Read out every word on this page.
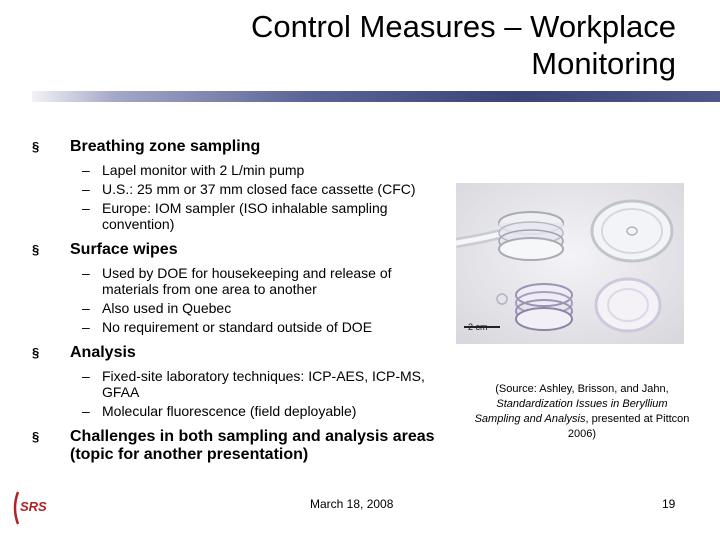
Control Measures – Workplace
Monitoring
§ Breathing zone sampling
– Lapel monitor with 2 L/min pump
– U.S.: 25 mm or 37 mm closed face cassette (CFC)
– Europe: IOM sampler (ISO inhalable sampling convention)
§ Surface wipes
– Used by DOE for housekeeping and release of materials from one area to another
– Also used in Quebec
– No requirement or standard outside of DOE
§ Analysis
– Fixed-site laboratory techniques: ICP-AES, ICP-MS, GFAA
– Molecular fluorescence (field deployable)
§ Challenges in both sampling and analysis areas (topic for another presentation)
2 cm
(Source: Ashley, Brisson, and Jahn, Standardization Issues in Beryllium Sampling and Analysis, presented at Pittcon 2006)
SRS	March 18, 2008	19
